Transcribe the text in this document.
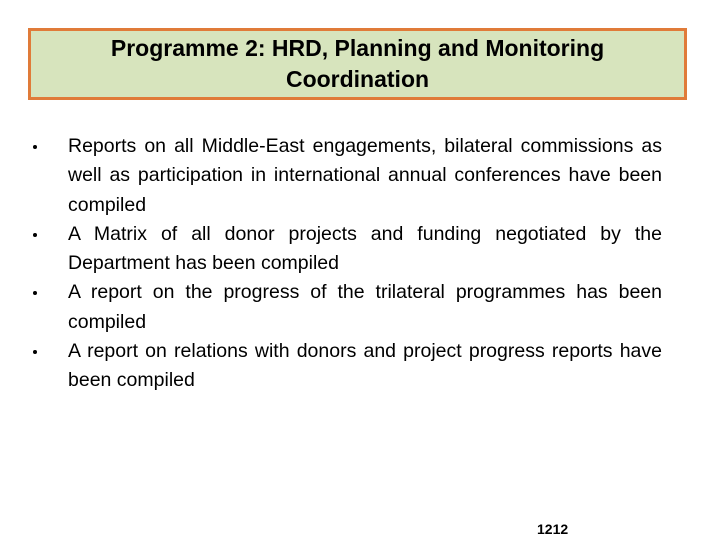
Programme 2: HRD, Planning and Monitoring
Coordination
Reports on all Middle-East engagements, bilateral commissions as well as participation in international annual conferences have been compiled
A Matrix of all donor projects and funding negotiated by the Department has been compiled
A report on the progress of the trilateral programmes has been compiled
A report on relations with donors and project progress reports have been compiled
1212
